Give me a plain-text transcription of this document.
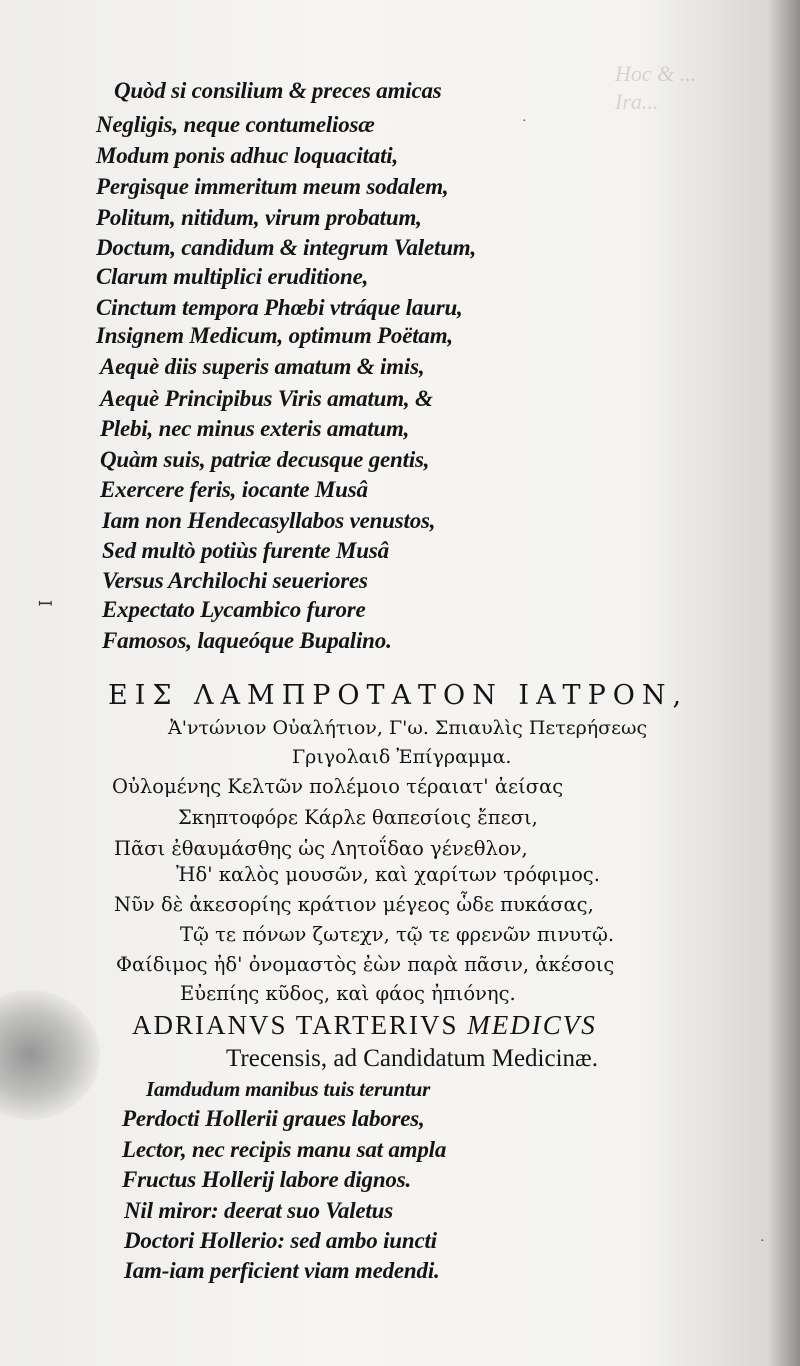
Hoc & ...
Ira...
ꟷ
Quòd si consilium & preces amicas
Negligis, neque contumeliosæ
Modum ponis adhuc loquacitati,
Pergisque immeritum meum sodalem,
Politum, nitidum, virum probatum,
Doctum, candidum & integrum Valetum,
Clarum multiplici eruditione,
Cinctum tempora Phœbi vtráque lauru,
Insignem Medicum, optimum Poëtam,
Aequè diis superis amatum & imis,
Aequè Principibus Viris amatum, &
Plebi, nec minus exteris amatum,
Quàm suis, patriæ decusque gentis,
Exercere feris, iocante Musâ
Iam non Hendecasyllabos venustos,
Sed multò potiùs furente Musâ
Versus Archilochi seueriores
Expectato Lycambico furore
Famosos, laqueóque Bupalino.
ΕΙΣ ΛΑΜΠΡΟΤΑΤΟΝ ΙΑΤΡΟΝ,
Ἀ'ντώνιον Οὐαλήτιον, Γ'ω. Σπιαυλὶς Πετερήσεως
Γριγολαιδ Ἐπίγραμμα.
Οὐλομένης Κελτῶν πολέμοιο τέραιατ' ἀείσας
Σκηπτοφόρε Κάρλε θαπεσίοις ἔπεσι,
Πᾶσι ἐθαυμάσθης ὡς Λητοΐδαο γένεθλον,
Ἠδ' καλὸς μουσῶν, καὶ χαρίτων τρόφιμος.
Νῦν δὲ ἀκεσορίης κράτιον μέγεος ὧδε πυκάσας,
Τῷ τε πόνων ζωτεχν, τῷ τε φρενῶν πινυτῷ.
Φαίδιμος ἠδ' ὀνομαστὸς ἐὼν παρὰ πᾶσιν, ἀκέσοις
Εὐεπίης κῦδος, καὶ φάος ἠπιόνης.
ADRIANVS TARTERIVS MEDICVS
Trecensis, ad Candidatum Medicinæ.
Iamdudum manibus tuis teruntur
Perdocti Hollerii graues labores,
Lector, nec recipis manu sat ampla
Fructus Hollerij labore dignos.
Nil miror: deerat suo Valetus
Doctori Hollerio: sed ambo iuncti
Iam-iam perficient viam medendi.
·
·
